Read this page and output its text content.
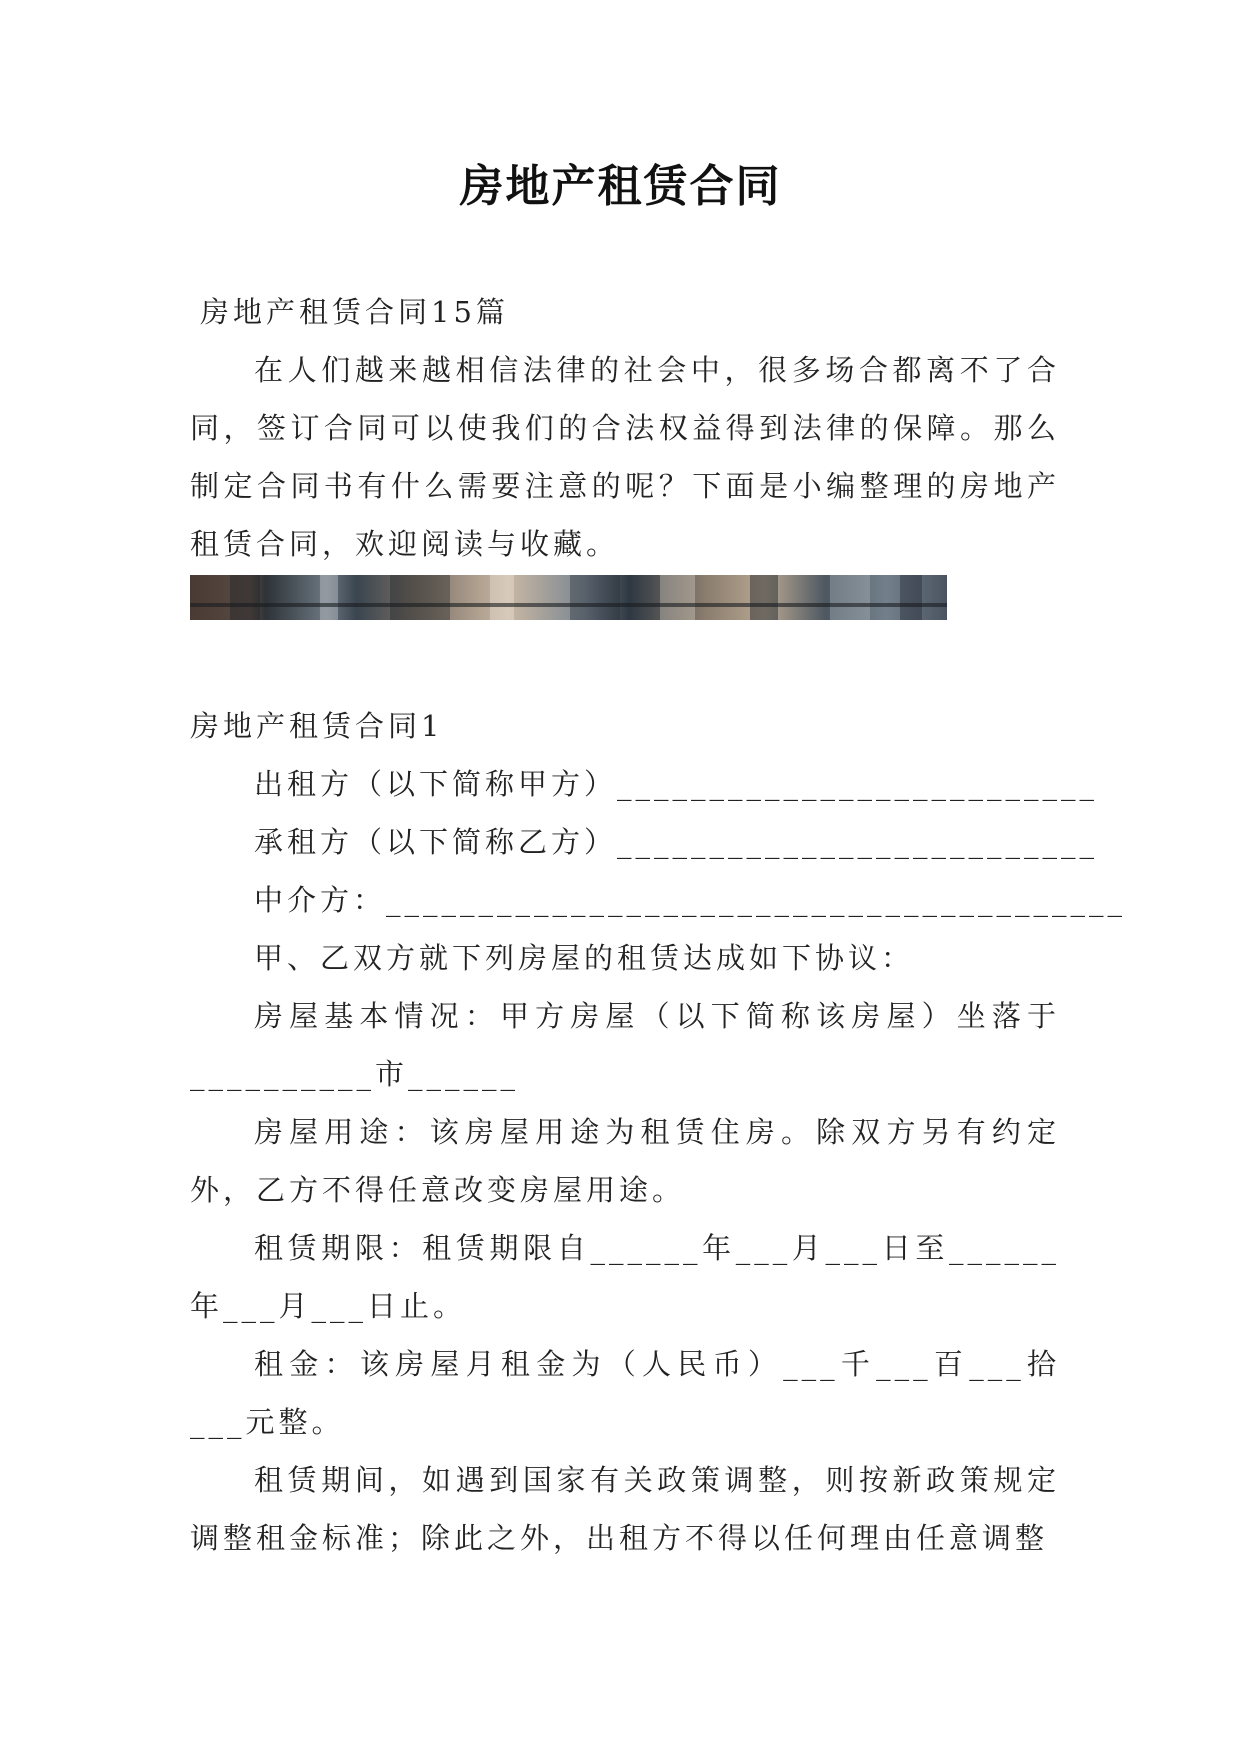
房地产租赁合同
房地产租赁合同15篇
在人们越来越相信法律的社会中，很多场合都离不了合同，签订合同可以使我们的合法权益得到法律的保障。那么制定合同书有什么需要注意的呢？下面是小编整理的房地产租赁合同，欢迎阅读与收藏。
房地产租赁合同1
出租方（以下简称甲方）__________________________
承租方（以下简称乙方）__________________________
中介方：________________________________________
甲、乙双方就下列房屋的租赁达成如下协议：
房屋基本情况：甲方房屋（以下简称该房屋）坐落于__________市______
房屋用途：该房屋用途为租赁住房。除双方另有约定外，乙方不得任意改变房屋用途。
租赁期限：租赁期限自______年___月___日至______年___月___日止。
租金：该房屋月租金为（人民币）___千___百___拾___元整。
租赁期间，如遇到国家有关政策调整，则按新政策规定调整租金标准；除此之外，出租方不得以任何理由任意调整
